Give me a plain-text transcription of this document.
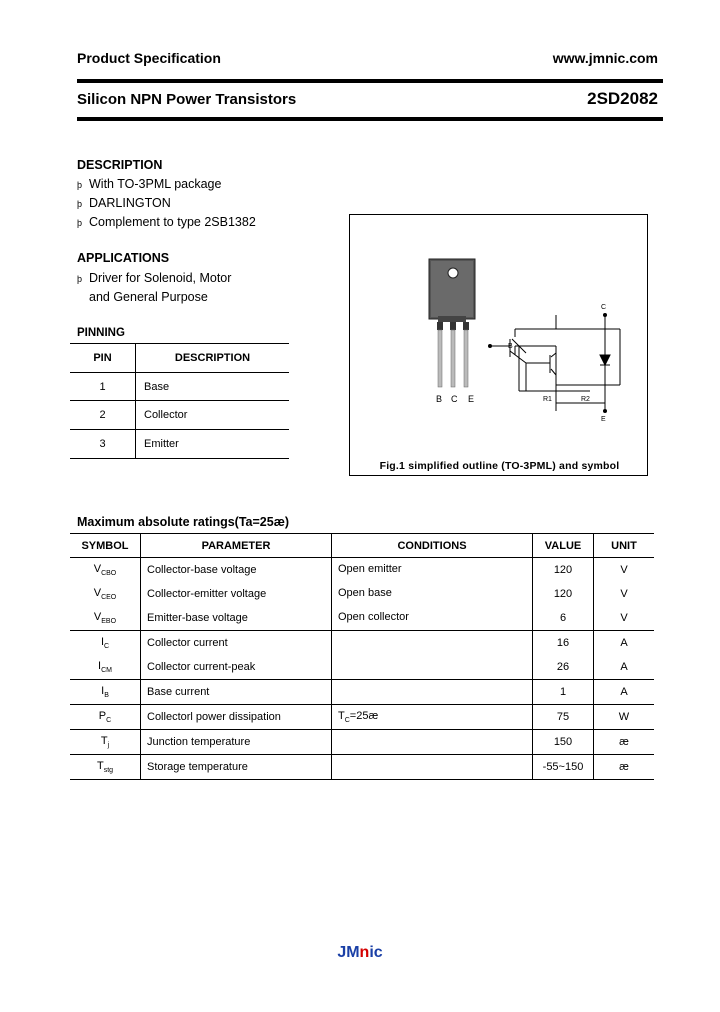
Product Specification	www.jmnic.com
Silicon NPN Power Transistors	2SD2082
DESCRIPTION
þ With TO-3PML package
þ DARLINGTON
þ Complement to type 2SB1382
APPLICATIONS
þ Driver for Solenoid, Motor
and General Purpose
PINNING
PIN	DESCRIPTION
1	Base
2	Collector
3	Emitter
B C E
C
E
B
R1	R2
Fig.1 simplified outline (TO-3PML) and symbol
Maximum absolute ratings(Ta=25æ)
SYMBOL	PARAMETER	CONDITIONS	VALUE	UNIT
$V_{CBO}$	Collector-base voltage	Open emitter	120	V
$V_{CEO}$	Collector-emitter voltage	Open base	120	V
$V_{EBO}$	Emitter-base voltage	Open collector	6	V
$I_C$	Collector current		16	A
$I_{CM}$	Collector current-peak		26	A
$I_B$	Base current		1	A
$P_C$	Collectorl power dissipation	$T_C=25æ$	75	W
$T_j$	Junction temperature		150	æ
$T_{stg}$	Storage temperature		-55~150	æ
JMnic
